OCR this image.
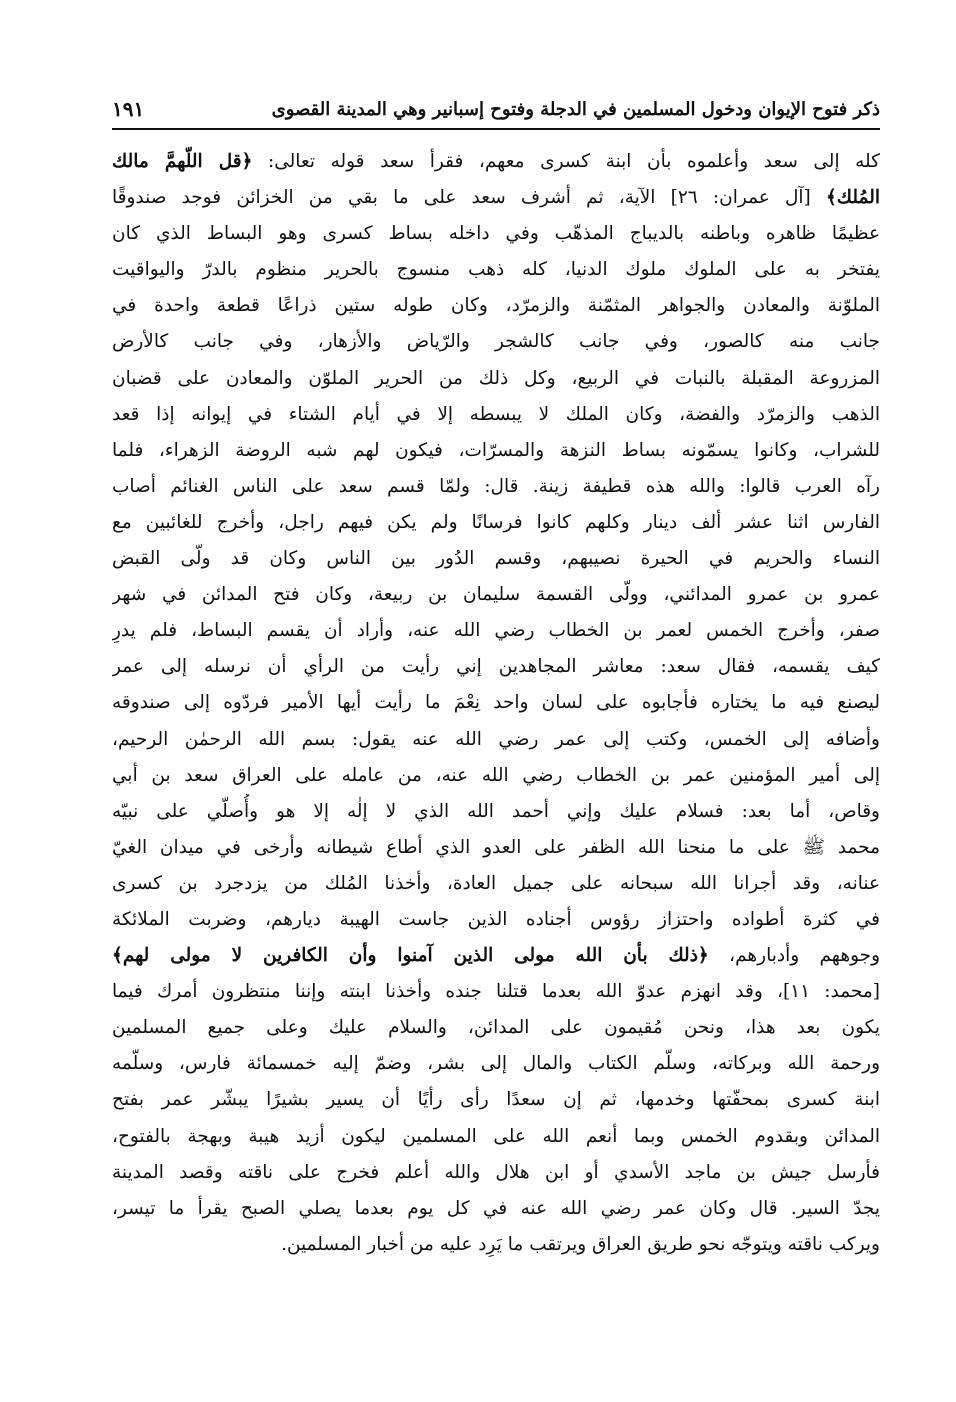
ذكر فتوح الإيوان ودخول المسلمين في الدجلة وفتوح إسبانير وهي المدينة القصوى
١٩١
كله إلى سعد وأعلموه بأن ابنة كسرى معهم، فقرأ سعد قوله تعالى: ﴿قل اللّهمَّ مالك
المُلك﴾ [آل عمران: ٢٦] الآية، ثم أشرف سعد على ما بقي من الخزائن فوجد صندوقًا
عظيمًا ظاهره وباطنه بالديباج المذهّب وفي داخله بساط كسرى وهو البساط الذي كان
يفتخر به على الملوك ملوك الدنيا، كله ذهب منسوج بالحرير منظوم بالدرّ واليواقيت
الملوّنة والمعادن والجواهر المثمّنة والزمرّد، وكان طوله ستين ذراعًا قطعة واحدة في
جانب منه كالصور، وفي جانب كالشجر والرّياض والأزهار، وفي جانب كالأرض
المزروعة المقبلة بالنبات في الربيع، وكل ذلك من الحرير الملوّن والمعادن على قضبان
الذهب والزمرّد والفضة، وكان الملك لا يبسطه إلا في أيام الشتاء في إيوانه إذا قعد
للشراب، وكانوا يسمّونه بساط النزهة والمسرّات، فيكون لهم شبه الروضة الزهراء، فلما
رآه العرب قالوا: والله هذه قطيفة زينة. قال: ولمّا قسم سعد على الناس الغنائم أصاب
الفارس اثنا عشر ألف دينار وكلهم كانوا فرسانًا ولم يكن فيهم راجل، وأخرج للغائبين مع
النساء والحريم في الحيرة نصيبهم، وقسم الدُور بين الناس وكان قد ولّى القبض
عمرو بن عمرو المدائني، وولّى القسمة سليمان بن ربيعة، وكان فتح المدائن في شهر
صفر، وأخرج الخمس لعمر بن الخطاب رضي الله عنه، وأراد أن يقسم البساط، فلم يدرِ
كيف يقسمه، فقال سعد: معاشر المجاهدين إني رأيت من الرأي أن نرسله إلى عمر
ليصنع فيه ما يختاره فأجابوه على لسان واحد نِعْمَ ما رأيت أيها الأمير فردّوه إلى صندوقه
وأضافه إلى الخمس، وكتب إلى عمر رضي الله عنه يقول: بسم الله الرحمٰن الرحيم،
إلى أمير المؤمنين عمر بن الخطاب رضي الله عنه، من عامله على العراق سعد بن أبي
وقاص، أما بعد: فسلام عليك وإني أحمد الله الذي لا إلٰه إلا هو وأُصلّي على نبيّه
محمد ﷺ على ما منحنا الله الظفر على العدو الذي أطاع شيطانه وأرخى في ميدان الغيّ
عنانه، وقد أجرانا الله سبحانه على جميل العادة، وأخذنا المُلك من يزدجرد بن كسرى
في كثرة أطواده واحتزاز رؤوس أجناده الذين جاست الهيبة ديارهم، وضربت الملائكة
وجوههم وأدبارهم، ﴿ذلك بأن الله مولى الذين آمنوا وأن الكافرين لا مولى لهم﴾
[محمد: ١١]، وقد انهزم عدوّ الله بعدما قتلنا جنده وأخذنا ابنته وإننا منتظرون أمرك فيما
يكون بعد هذا، ونحن مُقيمون على المدائن، والسلام عليك وعلى جميع المسلمين
ورحمة الله وبركاته، وسلّم الكتاب والمال إلى بشر، وضمّ إليه خمسمائة فارس، وسلّمه
ابنة كسرى بمحفّتها وخدمها، ثم إن سعدًا رأى رأيًا أن يسير بشيرًا يبشّر عمر بفتح
المدائن وبقدوم الخمس وبما أنعم الله على المسلمين ليكون أزيد هيبة وبهجة بالفتوح،
فأرسل جيش بن ماجد الأسدي أو ابن هلال والله أعلم فخرج على ناقته وقصد المدينة
يجدّ السير. قال وكان عمر رضي الله عنه في كل يوم بعدما يصلي الصبح يقرأ ما تيسر،
ويركب ناقته ويتوجّه نحو طريق العراق ويرتقب ما يَرِد عليه من أخبار المسلمين.
